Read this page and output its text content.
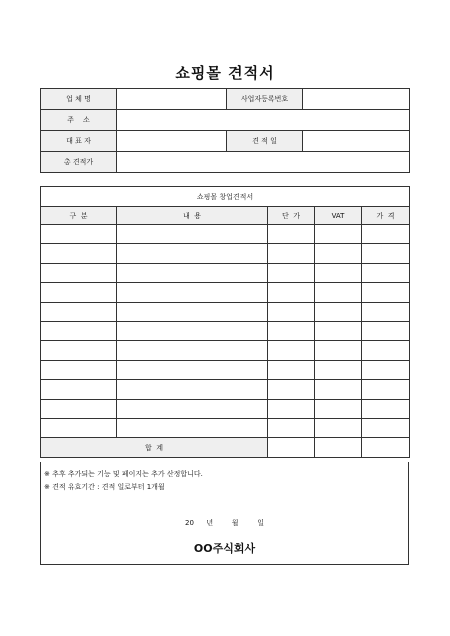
쇼핑몰 견적서
업 체 명		사업자등록번호	
주    소			
대 표 자		견 적 일	
총 견적가			
쇼핑몰 창업견적서				
구  분	내  용	단  가	VAT	가  격

합  계				
※ 추후 추가되는 기능 및 페이지는 추가 산정합니다.
※ 견적 유효기간 : 견적 일로부터 1개월
20  년   월   일
OO주식회사
